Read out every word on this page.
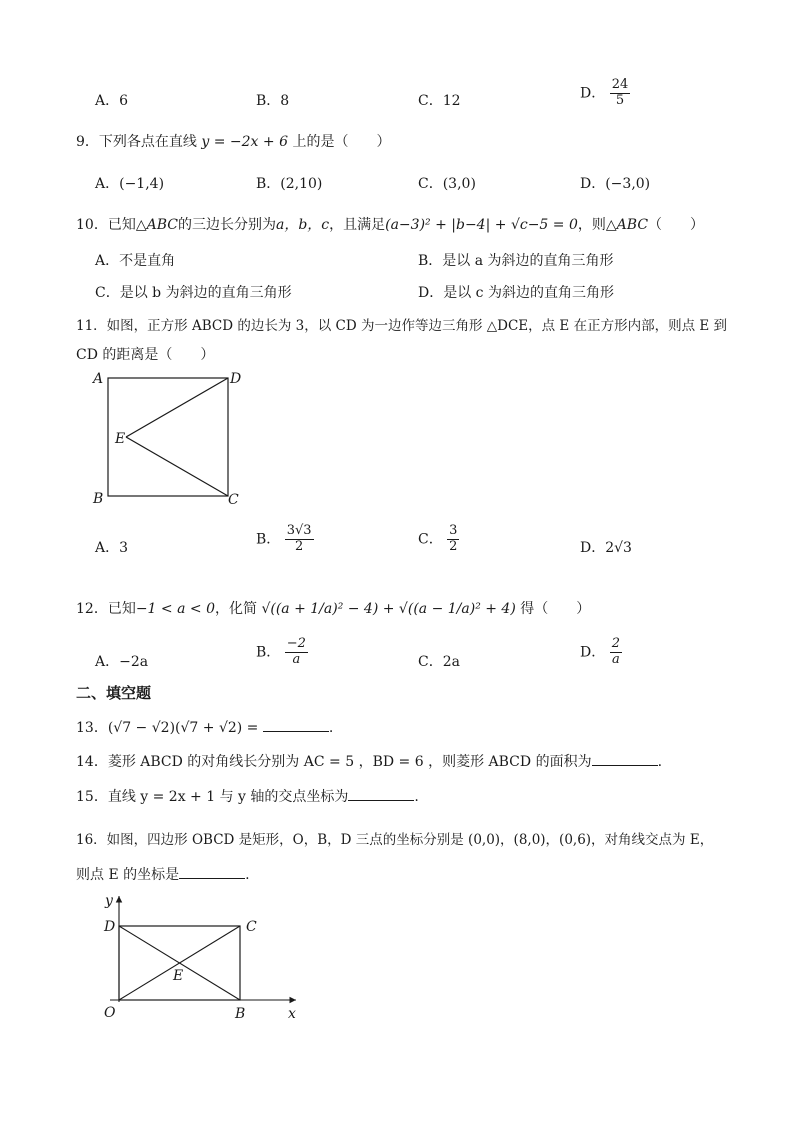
A．6	B．8	C．12	D． $\frac{24}{5}$
9．下列各点在直线 y = −2x + 6 上的是（　　）
A．(−1,4)	B．(2,10)	C．(3,0)	D．(−3,0)
10．已知△ABC的三边长分别为a，b，c，且满足(a−3)² + |b−4| + √c−5 = 0，则△ABC（　　）
A．不是直角	B．是以 a 为斜边的直角三角形
C．是以 b 为斜边的直角三角形	D．是以 c 为斜边的直角三角形
11．如图，正方形 ABCD 的边长为 3，以 CD 为一边作等边三角形 △DCE，点 E 在正方形内部，则点 E 到
CD 的距离是（　　）
A	D
B	C
E
A．3
B． $\frac{3√3}{2}$	C． $\frac{3}{2}$	D．2√3
12．已知−1 < a < 0，化简 √((a + 1/a)² − 4) + √((a − 1/a)² + 4) 得（　　）
A．−2a
B． $\frac{-2}{a}$	C．2a
D． $\frac{2}{a}$
二、填空题
13．(√7 − √2)(√7 + √2) =	.
14．菱形 ABCD 的对角线长分别为 AC = 5 ，BD = 6 ，则菱形 ABCD 的面积为	.
15．直线 y = 2x + 1 与 y 轴的交点坐标为	.
16．如图，四边形 OBCD 是矩形，O，B，D 三点的坐标分别是 (0,0)，(8,0)，(0,6)，对角线交点为 E，
则点 E 的坐标是	.
y
x
D	C
O	B
E
